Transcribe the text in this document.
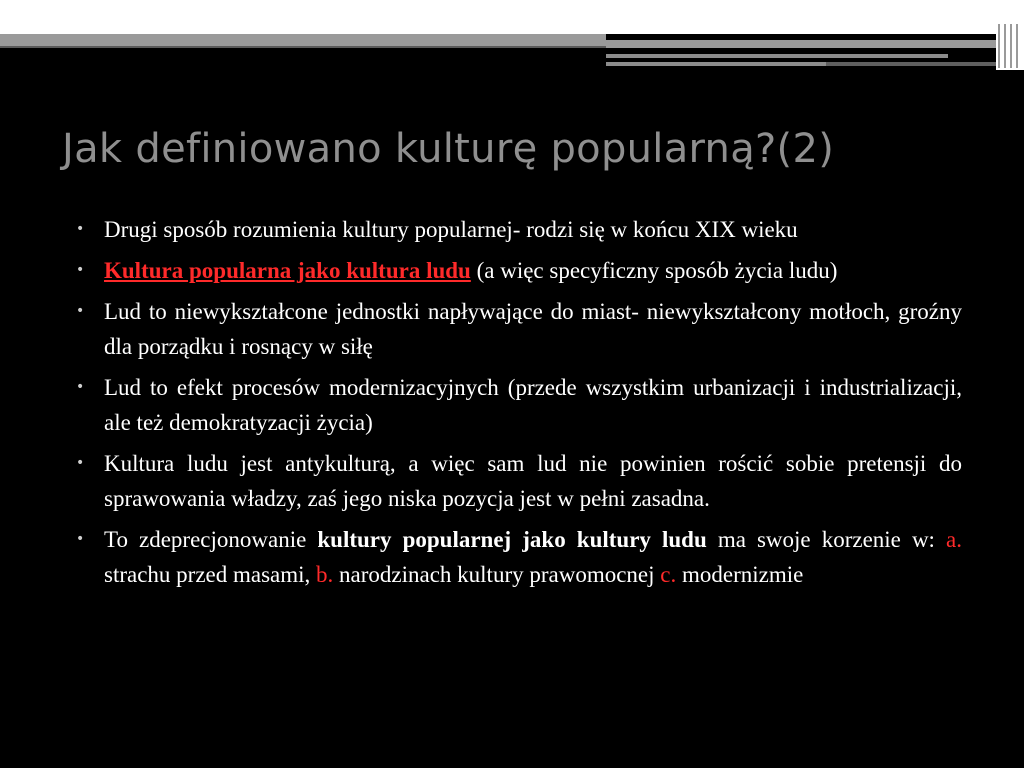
Jak definiowano kulturę popularną?(2)
• Drugi sposób rozumienia kultury popularnej- rodzi się w końcu XIX wieku
• Kultura popularna jako kultura ludu (a więc specyficzny sposób życia ludu)
• Lud to niewykształcone jednostki napływające do miast- niewykształcony motłoch, groźny dla porządku i rosnący w siłę
• Lud to efekt procesów modernizacyjnych (przede wszystkim urbanizacji i industrializacji, ale też demokratyzacji życia)
• Kultura ludu jest antykulturą, a więc sam lud nie powinien rościć sobie pretensji do sprawowania władzy, zaś jego niska pozycja jest w pełni zasadna.
• To zdeprecjonowanie kultury popularnej jako kultury ludu ma swoje korzenie w: a. strachu przed masami, b. narodzinach kultury prawomocnej c. modernizmie
